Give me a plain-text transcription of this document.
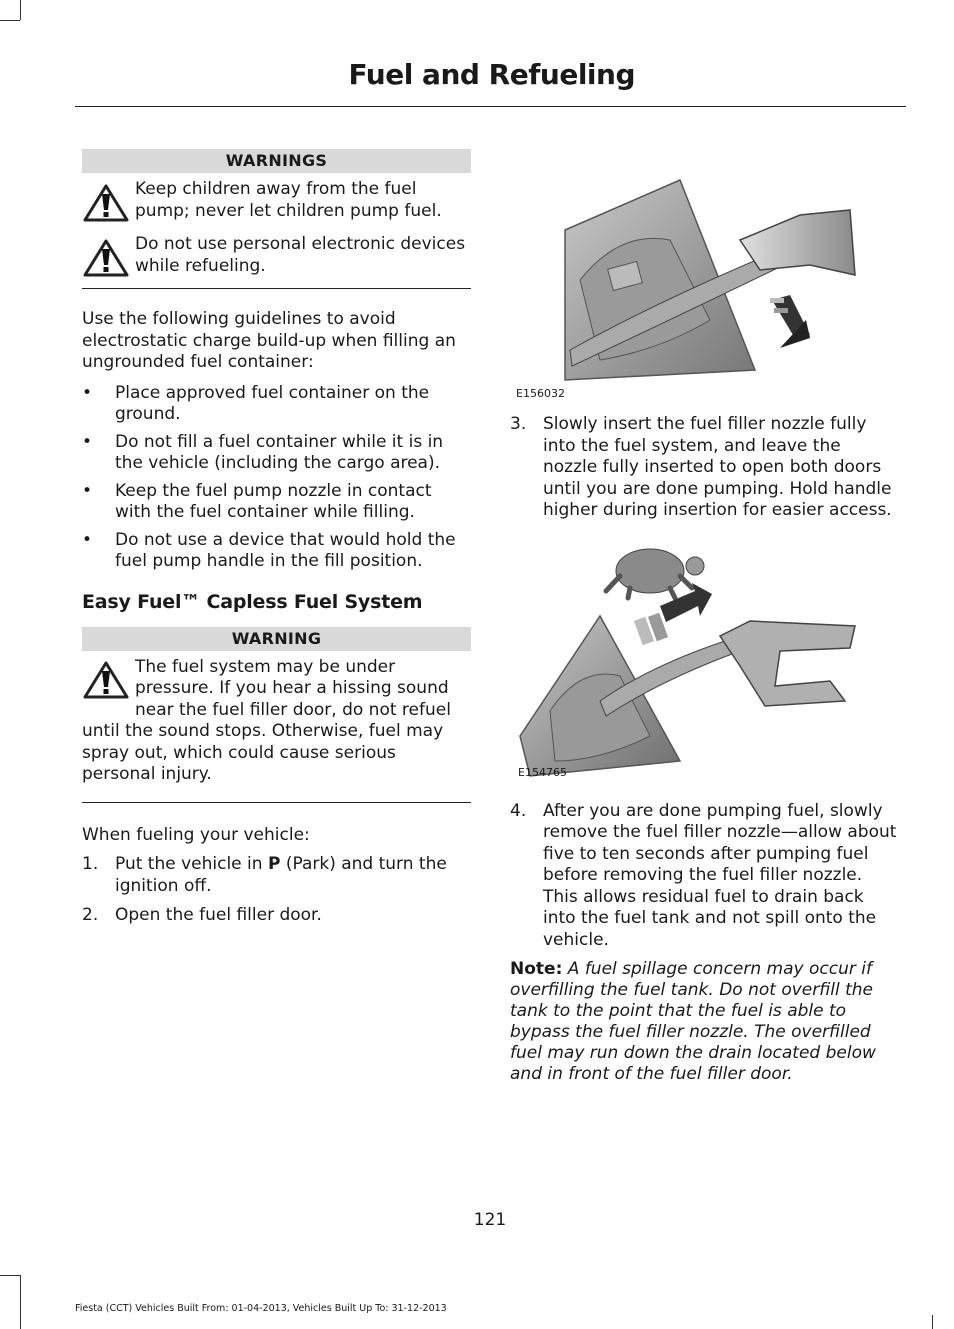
Fuel and Refueling
WARNINGS
Keep children away from the fuel pump; never let children pump fuel.
Do not use personal electronic devices while refueling.

Use the following guidelines to avoid electrostatic charge build-up when filling an ungrounded fuel container:

• Place approved fuel container on the ground.
• Do not fill a fuel container while it is in the vehicle (including the cargo area).
• Keep the fuel pump nozzle in contact with the fuel container while filling.
• Do not use a device that would hold the fuel pump handle in the fill position.
Easy Fuel™ Capless Fuel System
WARNING
The fuel system may be under pressure. If you hear a hissing sound near the fuel filler door, do not refuel until the sound stops. Otherwise, fuel may spray out, which could cause serious personal injury.

When fueling your vehicle:

1. Put the vehicle in P (Park) and turn the ignition off.
2. Open the fuel filler door.
E156032
3. Slowly insert the fuel filler nozzle fully into the fuel system, and leave the nozzle fully inserted to open both doors until you are done pumping. Hold handle higher during insertion for easier access.
E154765
4. After you are done pumping fuel, slowly remove the fuel filler nozzle—allow about five to ten seconds after pumping fuel before removing the fuel filler nozzle. This allows residual fuel to drain back into the fuel tank and not spill onto the vehicle.

Note: A fuel spillage concern may occur if overfilling the fuel tank. Do not overfill the tank to the point that the fuel is able to bypass the fuel filler nozzle. The overfilled fuel may run down the drain located below and in front of the fuel filler door.

121
Fiesta (CCT) Vehicles Built From: 01-04-2013, Vehicles Built Up To: 31-12-2013
